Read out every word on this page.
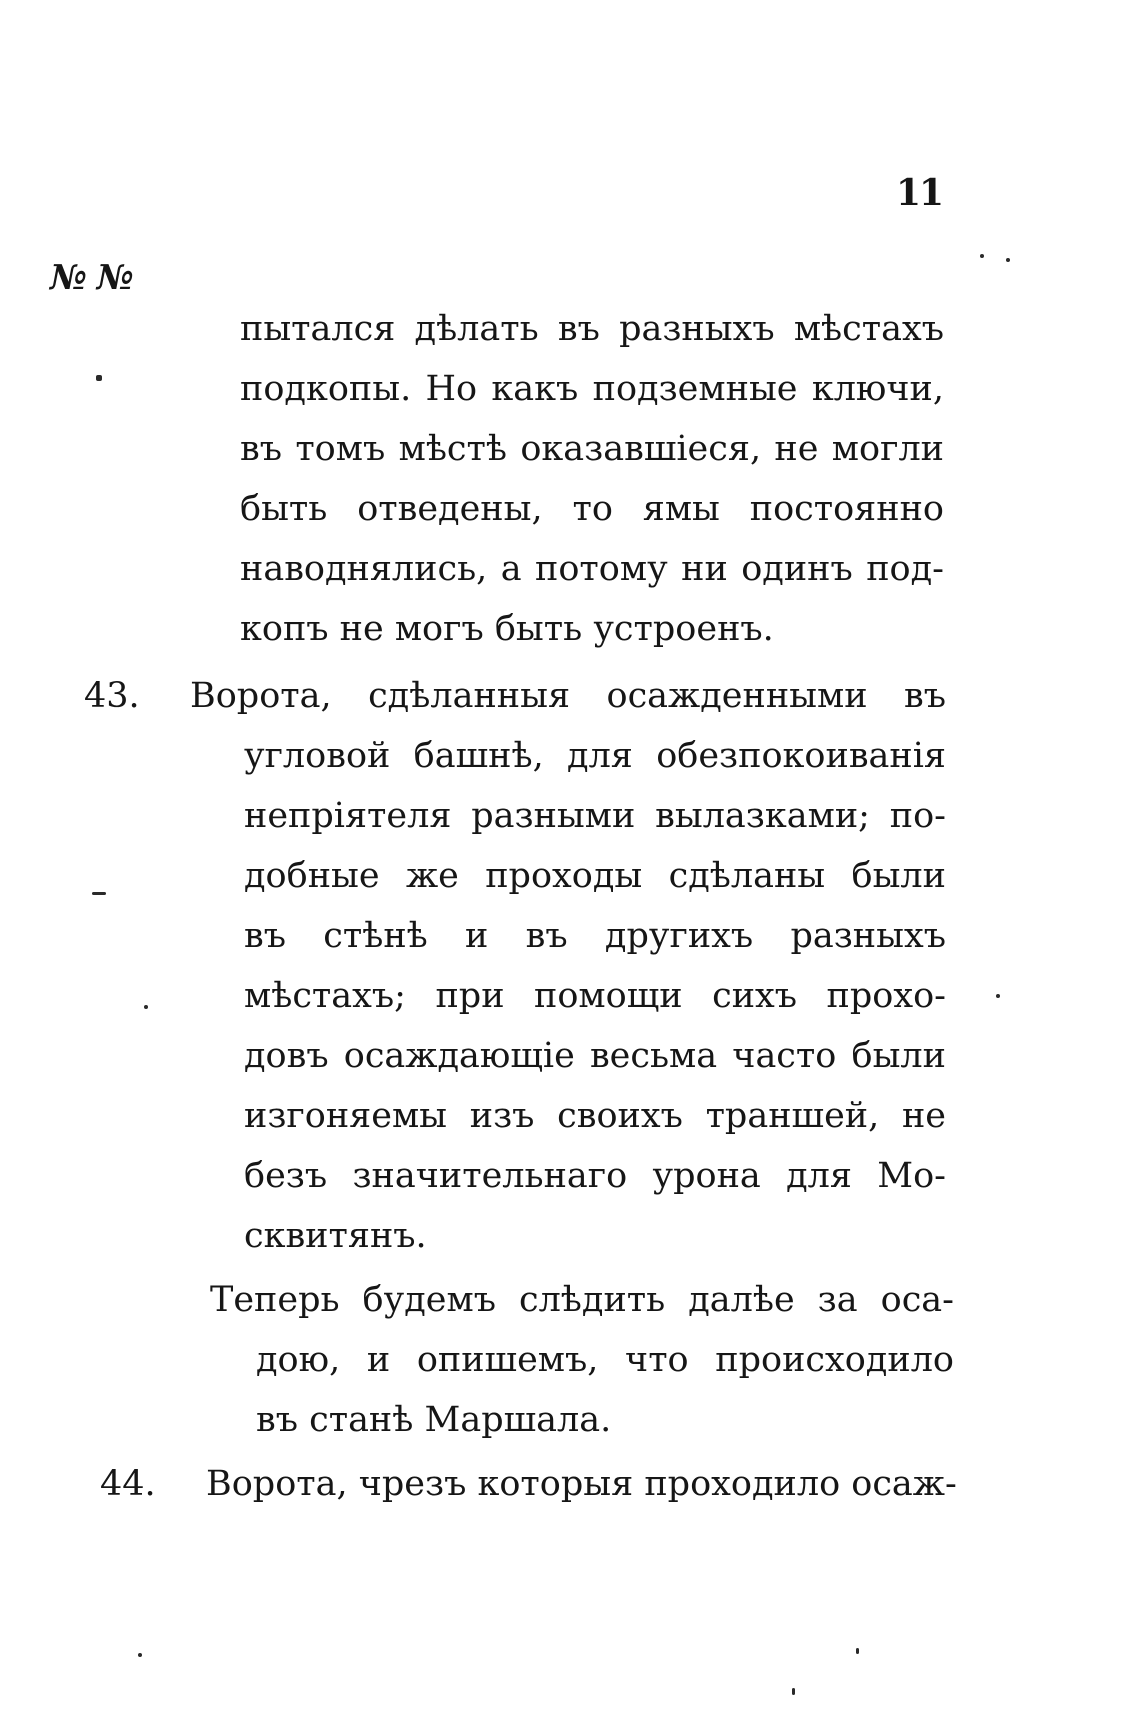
11
№ №
пытался дѣлать въ разныхъ мѣстахъ
подкопы. Но какъ подземные ключи,
въ томъ мѣстѣ оказавшіеся, не могли
быть отведены, то ямы постоянно
наводнялись, а потому ни одинъ под-
копъ не могъ быть устроенъ.
43. Ворота, сдѣланныя осажденными въ
угловой башнѣ, для обезпокоиванія
непріятеля разными вылазками; по-
добные же проходы сдѣланы были
въ стѣнѣ и въ другихъ разныхъ
мѣстахъ; при помощи сихъ прохо-
довъ осаждающіе весьма часто были
изгоняемы изъ своихъ траншей, не
безъ значительнаго урона для Мо-
сквитянъ.
Теперь будемъ слѣдить далѣе за оса-
дою, и опишемъ, что происходило
въ станѣ Маршала.
44. Ворота, чрезъ которыя проходило осаж-
